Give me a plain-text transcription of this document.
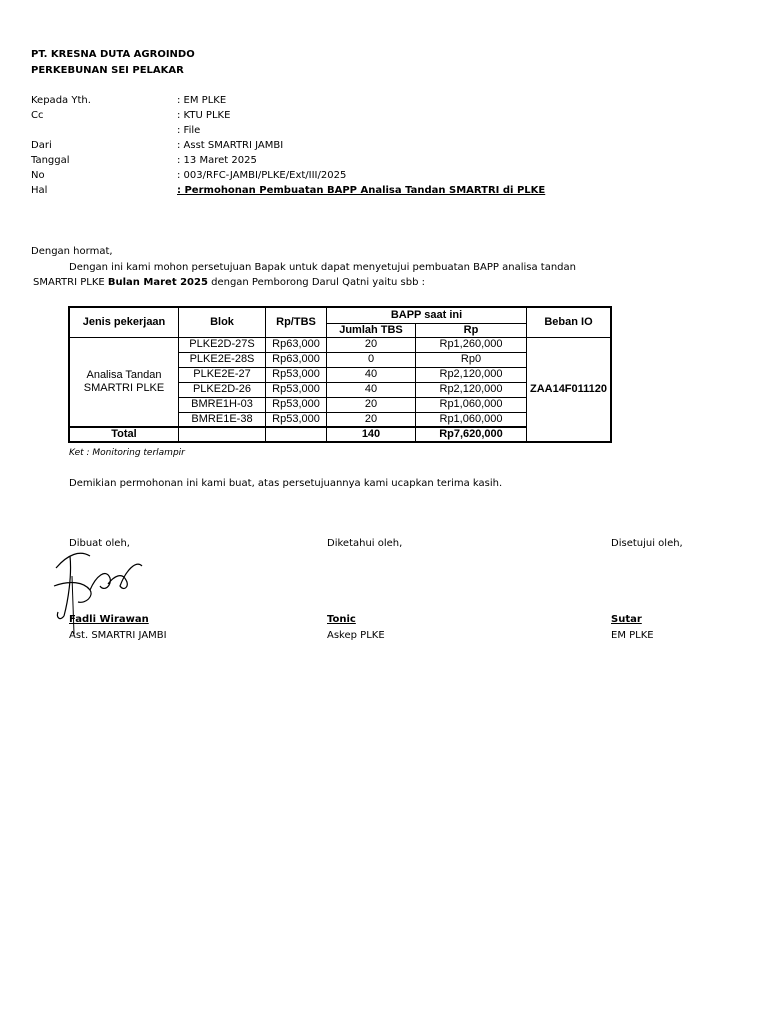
PT. KRESNA DUTA AGROINDO
PERKEBUNAN SEI PELAKAR
Kepada Yth.	: EM PLKE
Cc	: KTU PLKE
: File
Dari	: Asst SMARTRI JAMBI
Tanggal	: 13 Maret 2025
No	: 003/RFC-JAMBI/PLKE/Ext/III/2025
Hal	: Permohonan Pembuatan BAPP Analisa Tandan SMARTRI di PLKE
Dengan hormat,
Dengan ini kami mohon persetujuan Bapak untuk dapat menyetujui pembuatan BAPP analisa tandan
SMARTRI PLKE Bulan Maret 2025 dengan Pemborong Darul Qatni yaitu sbb :
Jenis pekerjaan	Blok	Rp/TBS	BAPP saat ini		Beban IO
			Jumlah TBS	Rp	
Analisa Tandan SMARTRI PLKE	PLKE2D-27S	Rp63,000	20	Rp1,260,000	ZAA14F011120
	PLKE2E-28S	Rp63,000	0	Rp0	
	PLKE2E-27	Rp53,000	40	Rp2,120,000	
	PLKE2D-26	Rp53,000	40	Rp2,120,000	
	BMRE1H-03	Rp53,000	20	Rp1,060,000	
	BMRE1E-38	Rp53,000	20	Rp1,060,000	
Total			140	Rp7,620,000	
Ket : Monitoring terlampir
Demikian permohonan ini kami buat, atas persetujuannya kami ucapkan terima kasih.
Dibuat oleh,	Diketahui oleh,	Disetujui oleh,
Fadli Wirawan	Tonic	Sutar
Ast. SMARTRI JAMBI	Askep PLKE	EM PLKE
